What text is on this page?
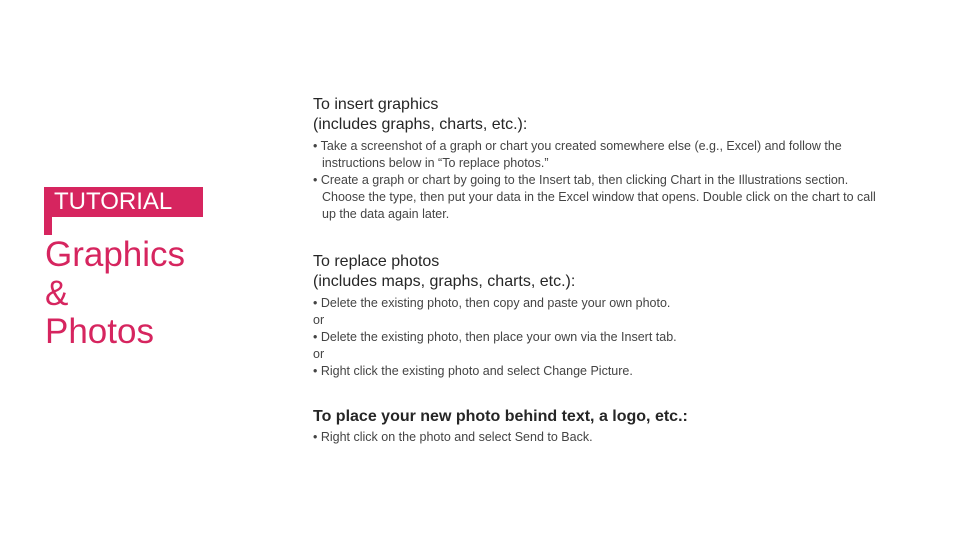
TUTORIAL
Graphics
&
Photos
To insert graphics
(includes graphs, charts, etc.):
• Take a screenshot of a graph or chart you created somewhere else (e.g., Excel) and follow the instructions below in “To replace photos.”
• Create a graph or chart by going to the Insert tab, then clicking Chart in the Illustrations section. Choose the type, then put your data in the Excel window that opens. Double click on the chart to call up the data again later.
To replace photos
(includes maps, graphs, charts, etc.):
• Delete the existing photo, then copy and paste your own photo.
or
• Delete the existing photo, then place your own via the Insert tab.
or
• Right click the existing photo and select Change Picture.
To place your new photo behind text, a logo, etc.:
• Right click on the photo and select Send to Back.
